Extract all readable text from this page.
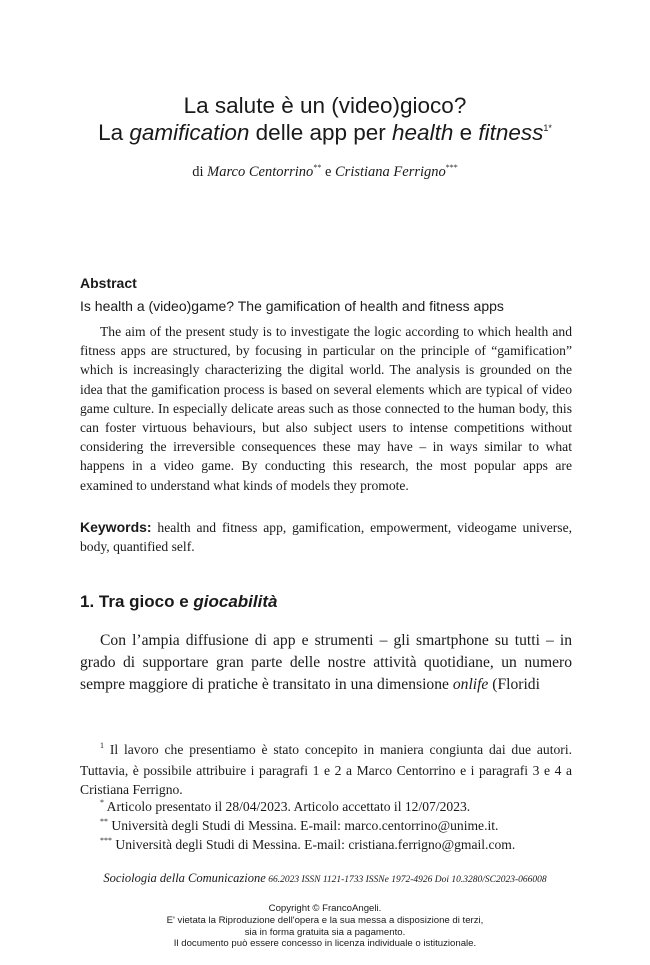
La salute è un (video)gioco?
La gamification delle app per health e fitness$^{1*}$
di Marco Centorrino** e Cristiana Ferrigno***
Abstract
Is health a (video)game? The gamification of health and fitness apps

The aim of the present study is to investigate the logic according to which health and fitness apps are structured, by focusing in particular on the principle of “gamification” which is increasingly characterizing the digital world. The analysis is grounded on the idea that the gamification process is based on several elements which are typical of video game culture. In especially delicate areas such as those connected to the human body, this can foster virtuous behaviours, but also subject users to intense competitions without considering the irreversible consequences these may have – in ways similar to what happens in a video game. By conducting this research, the most popular apps are examined to understand what kinds of models they promote.

Keywords: health and fitness app, gamification, empowerment, videogame universe, body, quantified self.

1. Tra gioco e giocabilità

Con l’ampia diffusione di app e strumenti – gli smartphone su tutti – in grado di supportare gran parte delle nostre attività quotidiane, un numero sempre maggiore di pratiche è transitato in una dimensione onlife (Floridi

$^1$ Il lavoro che presentiamo è stato concepito in maniera congiunta dai due autori. Tuttavia, è possibile attribuire i paragrafi 1 e 2 a Marco Centorrino e i paragrafi 3 e 4 a Cristiana Ferrigno.

* Articolo presentato il 28/04/2023. Articolo accettato il 12/07/2023.

** Università degli Studi di Messina. E-mail: marco.centorrino@unime.it.

*** Università degli Studi di Messina. E-mail: cristiana.ferrigno@gmail.com.

Sociologia della Comunicazione 66.2023 ISSN 1121-1733 ISSNe 1972-4926 Doi 10.3280/SC2023-066008
Copyright © FrancoAngeli.
E' vietata la Riproduzione dell'opera e la sua messa a disposizione di terzi,
sia in forma gratuita sia a pagamento.
Il documento può essere concesso in licenza individuale o istituzionale.
